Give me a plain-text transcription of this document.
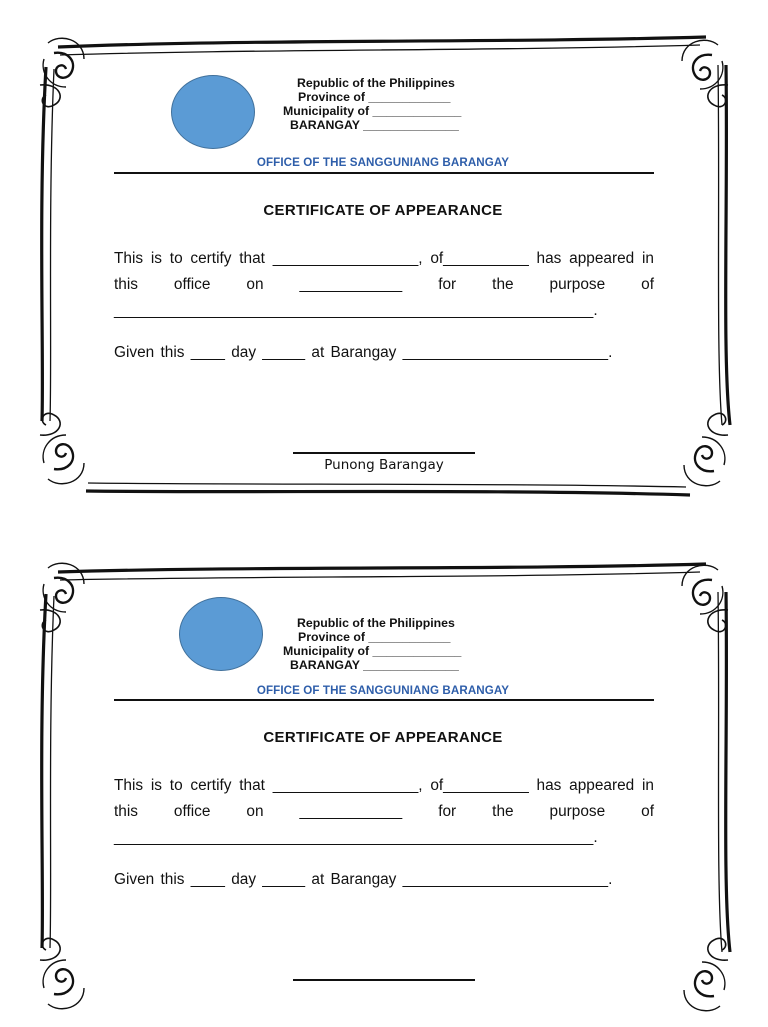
Republic of the Philippines
Province of ____________
Municipality of _____________
BARANGAY ______________
OFFICE OF THE SANGGUNIANG BARANGAY
CERTIFICATE OF APPEARANCE

This is to certify that _________________, of__________ has appeared in this office on ____________ for the purpose of ________________________________________________________.

Given this ____ day _____ at Barangay ________________________.

Punong Barangay
Republic of the Philippines
Province of ____________
Municipality of _____________
BARANGAY ______________
OFFICE OF THE SANGGUNIANG BARANGAY
CERTIFICATE OF APPEARANCE

This is to certify that _________________, of__________ has appeared in this office on ____________ for the purpose of ________________________________________________________.

Given this ____ day _____ at Barangay ________________________.
